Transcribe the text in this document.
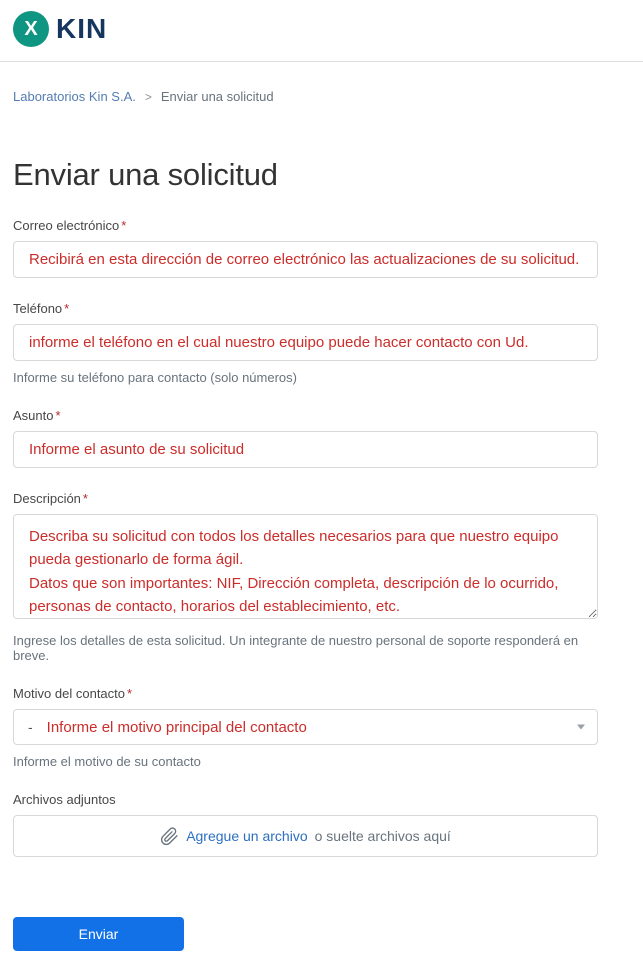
X KIN
Laboratorios Kin S.A. > Enviar una solicitud
Enviar una solicitud
Correo electrónico *
Recibirá en esta dirección de correo electrónico las actualizaciones de su solicitud.
Teléfono *
informe el teléfono en el cual nuestro equipo puede hacer contacto con Ud.
Informe su teléfono para contacto (solo números)
Asunto *
Informe el asunto de su solicitud
Descripción *
Describa su solicitud con todos los detalles necesarios para que nuestro equipo pueda gestionarlo de forma ágil. Datos que son importantes: NIF, Dirección completa, descripción de lo ocurrido, personas de contacto, horarios del establecimiento, etc.
Ingrese los detalles de esta solicitud. Un integrante de nuestro personal de soporte responderá en breve.
Motivo del contacto *
- Informe el motivo principal del contacto
Informe el motivo de su contacto
Archivos adjuntos
Agregue un archivo o suelte archivos aquí
Enviar
